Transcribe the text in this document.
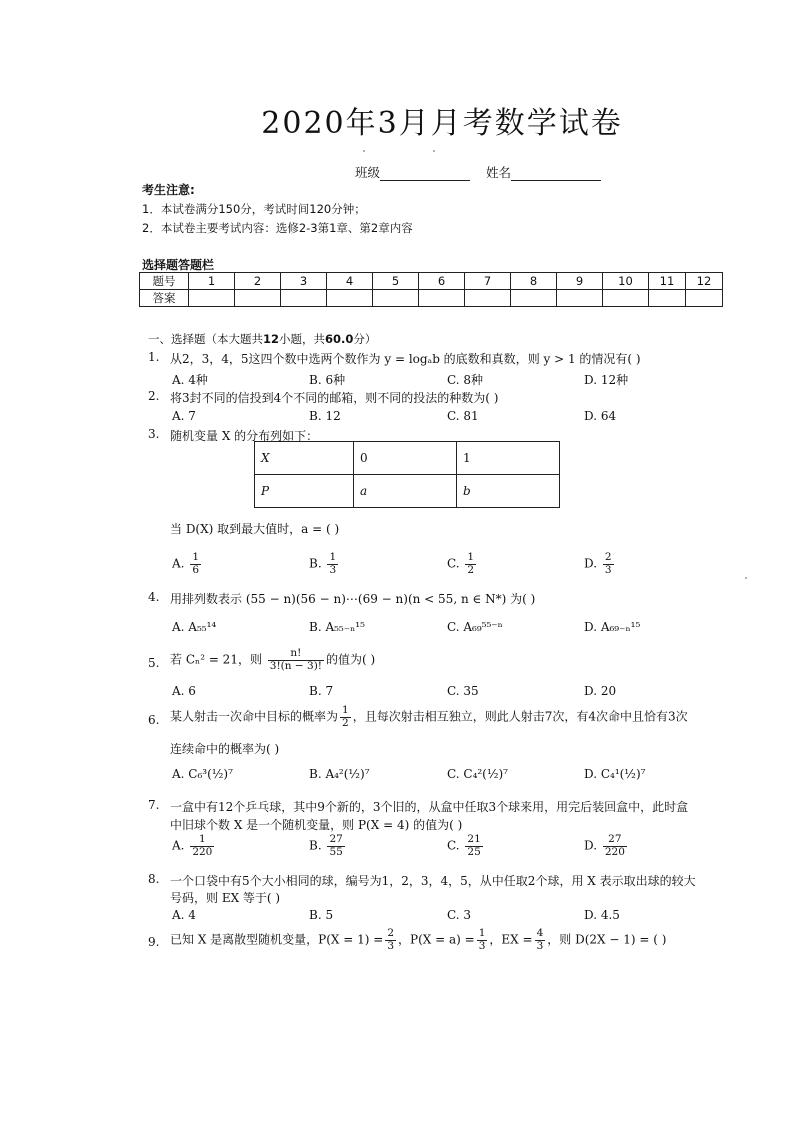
2020年3月月考数学试卷
班级	姓名
考生注意:
1．本试卷满分150分，考试时间120分钟；
2．本试卷主要考试内容：选修2-3第1章、第2章内容
选择题答题栏
题号	1	2	3	4	5	6	7	8	9	10	11	12
答案												
一、选择题（本大题共12小题，共60.0分）
1. 从2，3，4，5这四个数中选两个数作为 y = logₐb 的底数和真数，则 y > 1 的情况有( )
A. 4种	B. 6种	C. 8种	D. 12种
2. 将3封不同的信投到4个不同的邮箱，则不同的投法的种数为( )
A. 7	B. 12	C. 81	D. 64
3. 随机变量 X 的分布列如下：
X	0	1
P	a	b
当 D(X) 取到最大值时，a = ( )
A. $\frac{1}{6}$	B. $\frac{1}{3}$	C. $\frac{1}{2}$	D. $\frac{2}{3}$
4. 用排列数表示 (55 − n)(56 − n)⋯(69 − n)(n < 55, n ∈ N*) 为( )
A. A₅₅¹⁴	B. A₅₅₋ₙ¹⁵	C. A₆₉⁵⁵⁻ⁿ	D. A₆₉₋ₙ¹⁵
5. 若 Cₙ² = 21，则 $\frac{n!}{3!(n - 3)!}$ 的值为( )
A. 6	B. 7	C. 35	D. 20
6. 某人射击一次命中目标的概率为 $\frac{1}{2}$ ，且每次射击相互独立，则此人射击7次，有4次命中且恰有3次
连续命中的概率为( )
A. C₆³(½)⁷	B. A₄²(½)⁷	C. C₄²(½)⁷	D. C₄¹(½)⁷
7. 一盒中有12个乒乓球，其中9个新的，3个旧的，从盒中任取3个球来用，用完后装回盒中，此时盒
中旧球个数 X 是一个随机变量，则 P(X = 4) 的值为( )
A. $\frac{1}{220}$	B. $\frac{27}{55}$	C. $\frac{21}{25}$	D. $\frac{27}{220}$
8. 一个口袋中有5个大小相同的球，编号为1，2，3，4，5，从中任取2个球，用 X 表示取出球的较大
号码，则 EX 等于( )
A. 4	B. 5	C. 3	D. 4.5
9. 已知 X 是离散型随机变量，$P(X = 1) = \frac{2}{3}$ ，$P(X = a) = \frac{1}{3}$ ，EX = $\frac{4}{3}$ ，则 D(2X − 1) = ( )
